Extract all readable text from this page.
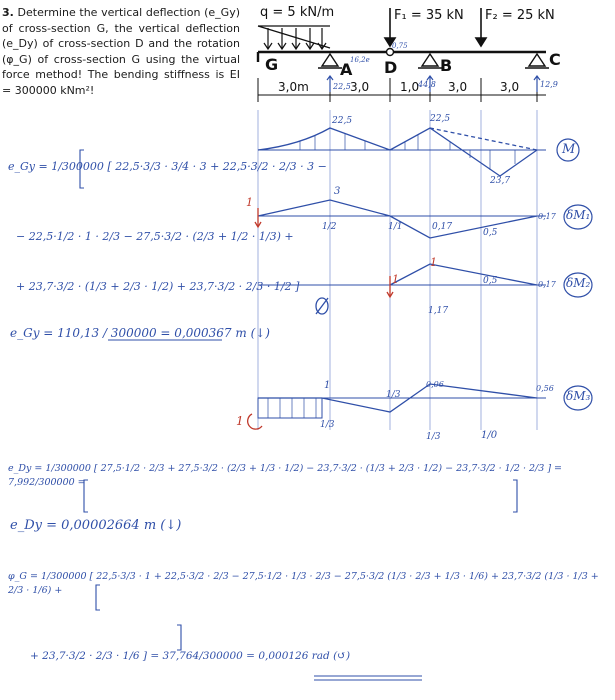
3. Determine the vertical deflection (e_Gy) of cross-section G, the vertical deflection (e_Dy) of cross-section D and the rotation (φ_G) of cross-section G using the virtual force method! The bending stiffness is EI = 300000 kNm²!
q = 5 kN/m	F₁ = 35 kN F₂ = 25 kN
G	A D	B	C
3,0m	3,0	1,0 3,0	3,0
22,5
0,75
44,8	12,9
16,2e
M
δM₁
δM₂
δM₃
22,5	22,5
23,7
1
3
1/2	1/1	0,17
0,5
0,17
1
1
1,17
0,5	0,17
1
1	1/3
1/3	1/0
0,06	0,56
1/3
e_Gy = 1/300000 [ 22,5·3/3 · 3/4 · 3 + 22,5·3/2 · 2/3 · 3 −
− 22,5·1/2 · 1 · 2/3 − 27,5·3/2 · (2/3 + 1/2 · 1/3) +
+ 23,7·3/2 · (1/3 + 2/3 · 1/2) + 23,7·3/2 · 2/3 · 1/2 ]
e_Gy = 110,13 / 300000 = 0,000367 m (↓)
e_Dy = 1/300000 [ 27,5·1/2 · 2/3 + 27,5·3/2 · (2/3 + 1/3 · 1/2) − 23,7·3/2 · (1/3 + 2/3 · 1/2) − 23,7·3/2 · 1/2 · 2/3 ] = 7,992/300000 =
e_Dy = 0,00002664 m (↓)
φ_G = 1/300000 [ 22,5·3/3 · 1 + 22,5·3/2 · 2/3 − 27,5·1/2 · 1/3 · 2/3 − 27,5·3/2 (1/3 · 2/3 + 1/3 · 1/6) + 23,7·3/2 (1/3 · 1/3 + 2/3 · 1/6) +
+ 23,7·3/2 · 2/3 · 1/6 ] = 37,764/300000 = 0,000126 rad (↺)
